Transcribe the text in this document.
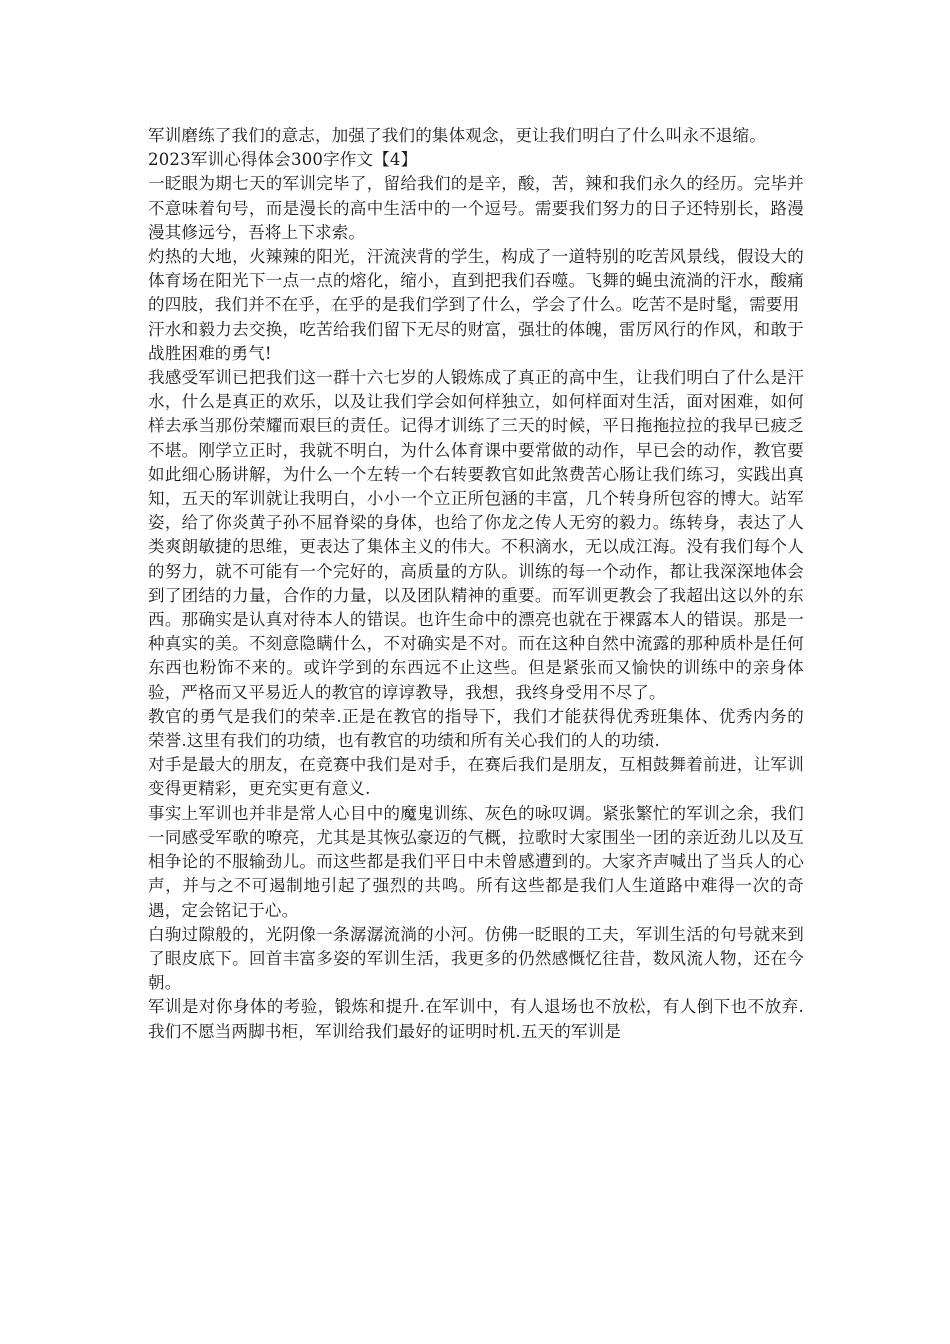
军训磨练了我们的意志，加强了我们的集体观念，更让我们明白了什么叫永不退缩。

2023军训心得体会300字作文【4】

一眨眼为期七天的军训完毕了，留给我们的是辛，酸，苦，辣和我们永久的经历。完毕并不意味着句号，而是漫长的高中生活中的一个逗号。需要我们努力的日子还特别长，路漫漫其修远兮，吾将上下求索。

灼热的大地，火辣辣的阳光，汗流浃背的学生，构成了一道特别的吃苦风景线，假设大的体育场在阳光下一点一点的熔化，缩小，直到把我们吞噬。飞舞的蝇虫流淌的汗水，酸痛的四肢，我们并不在乎，在乎的是我们学到了什么，学会了什么。吃苦不是时髦，需要用

汗水和毅力去交换，吃苦给我们留下无尽的财富，强壮的体魄，雷厉风行的作风，和敢于战胜困难的勇气!

我感受军训已把我们这一群十六七岁的人锻炼成了真正的高中生，让我们明白了什么是汗水，什么是真正的欢乐，以及让我们学会如何样独立，如何样面对生活，面对困难，如何样去承当那份荣耀而艰巨的责任。记得才训练了三天的时候，平日拖拖拉拉的我早已疲乏不堪。刚学立正时，我就不明白，为什么体育课中要常做的动作，早已会的动作，教官要如此细心肠讲解，为什么一个左转一个右转要教官如此煞费苦心肠让我们练习，实践出真知，五天的军训就让我明白，小小一个立正所包涵的丰富，几个转身所包容的博大。站军姿，给了你炎黄子孙不屈脊梁的身体，也给了你龙之传人无穷的毅力。练转身，表达了人类爽朗敏捷的思维，更表达了集体主义的伟大。不积滴水，无以成江海。没有我们每个人的努力，就不可能有一个完好的，高质量的方队。训练的每一个动作，都让我深深地体会到了团结的力量，合作的力量，以及团队精神的重要。而军训更教会了我超出这以外的东西。那确实是认真对待本人的错误。也许生命中的漂亮也就在于裸露本人的错误。那是一种真实的美。不刻意隐瞒什么，不对确实是不对。而在这种自然中流露的那种质朴是任何东西也粉饰不来的。或许学到的东西远不止这些。但是紧张而又愉快的训练中的亲身体验，严格而又平易近人的教官的谆谆教导，我想，我终身受用不尽了。

教官的勇气是我们的荣幸.正是在教官的指导下，我们才能获得优秀班集体、优秀内务的荣誉.这里有我们的功绩，也有教官的功绩和所有关心我们的人的功绩.

对手是最大的朋友，在竞赛中我们是对手，在赛后我们是朋友，互相鼓舞着前进，让军训变得更精彩，更充实更有意义.

事实上军训也并非是常人心目中的魔鬼训练、灰色的咏叹调。紧张繁忙的军训之余，我们一同感受军歌的嘹亮，尤其是其恢弘豪迈的气概，拉歌时大家围坐一团的亲近劲儿以及互相争论的不服输劲儿。而这些都是我们平日中未曾感遭到的。大家齐声喊出了当兵人的心声，并与之不可遏制地引起了强烈的共鸣。所有这些都是我们人生道路中难得一次的奇遇，定会铭记于心。

白驹过隙般的，光阴像一条潺潺流淌的小河。仿佛一眨眼的工夫，军训生活的句号就来到了眼皮底下。回首丰富多姿的军训生活，我更多的仍然感慨忆往昔，数风流人物，还在今朝。

军训是对你身体的考验，锻炼和提升.在军训中，有人退场也不放松，有人倒下也不放弃.我们不愿当两脚书柜，军训给我们最好的证明时机.五天的军训是
